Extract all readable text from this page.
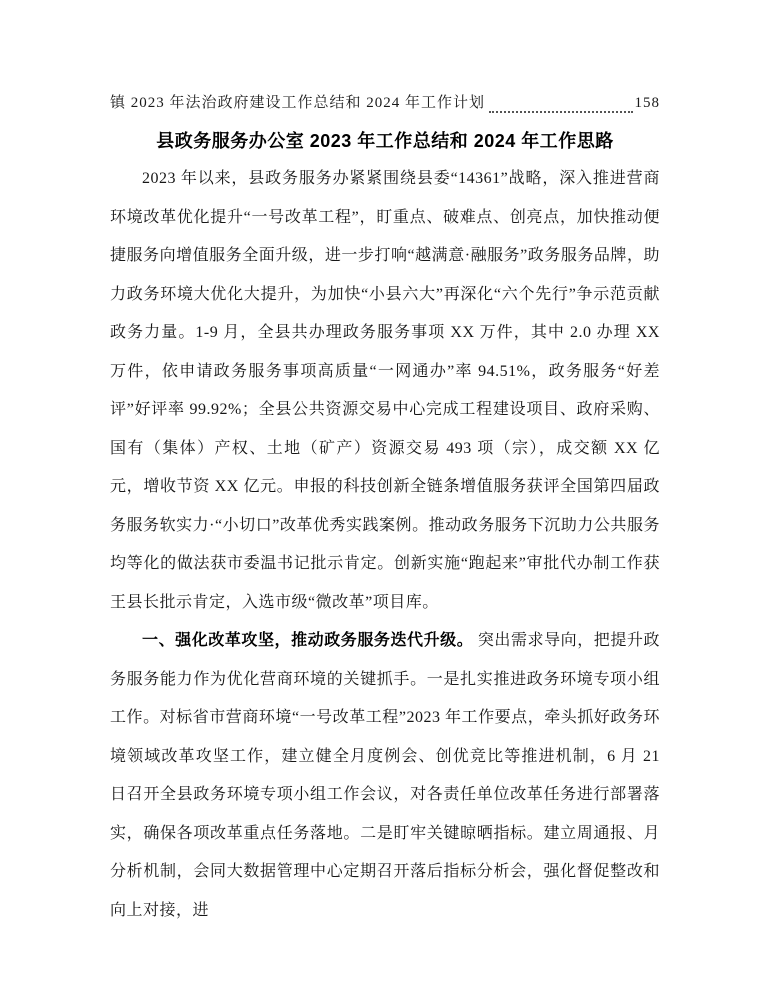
镇 2023 年法治政府建设工作总结和 2024 年工作计划	158
县政务服务办公室 2023 年工作总结和 2024 年工作思路

2023 年以来，县政务服务办紧紧围绕县委“14361”战略，深入推进营商环境改革优化提升“一号改革工程”，盯重点、破难点、创亮点，加快推动便捷服务向增值服务全面升级，进一步打响“越满意·融服务”政务服务品牌，助力政务环境大优化大提升，为加快“小县六大”再深化“六个先行”争示范贡献政务力量。1-9 月，全县共办理政务服务事项 XX 万件，其中 2.0 办理 XX 万件，依申请政务服务事项高质量“一网通办”率 94.51%，政务服务“好差评”好评率 99.92%；全县公共资源交易中心完成工程建设项目、政府采购、国有（集体）产权、土地（矿产）资源交易 493 项（宗），成交额 XX 亿元，增收节资 XX 亿元。申报的科技创新全链条增值服务获评全国第四届政务服务软实力·“小切口”改革优秀实践案例。推动政务服务下沉助力公共服务均等化的做法获市委温书记批示肯定。创新实施“跑起来”审批代办制工作获王县长批示肯定，入选市级“微改革”项目库。

一、强化改革攻坚，推动政务服务迭代升级。 突出需求导向，把提升政务服务能力作为优化营商环境的关键抓手。一是扎实推进政务环境专项小组工作。对标省市营商环境“一号改革工程”2023 年工作要点，牵头抓好政务环境领域改革攻坚工作，建立健全月度例会、创优竞比等推进机制，6 月 21 日召开全县政务环境专项小组工作会议，对各责任单位改革任务进行部署落实，确保各项改革重点任务落地。二是盯牢关键晾晒指标。建立周通报、月分析机制，会同大数据管理中心定期召开落后指标分析会，强化督促整改和向上对接，进
